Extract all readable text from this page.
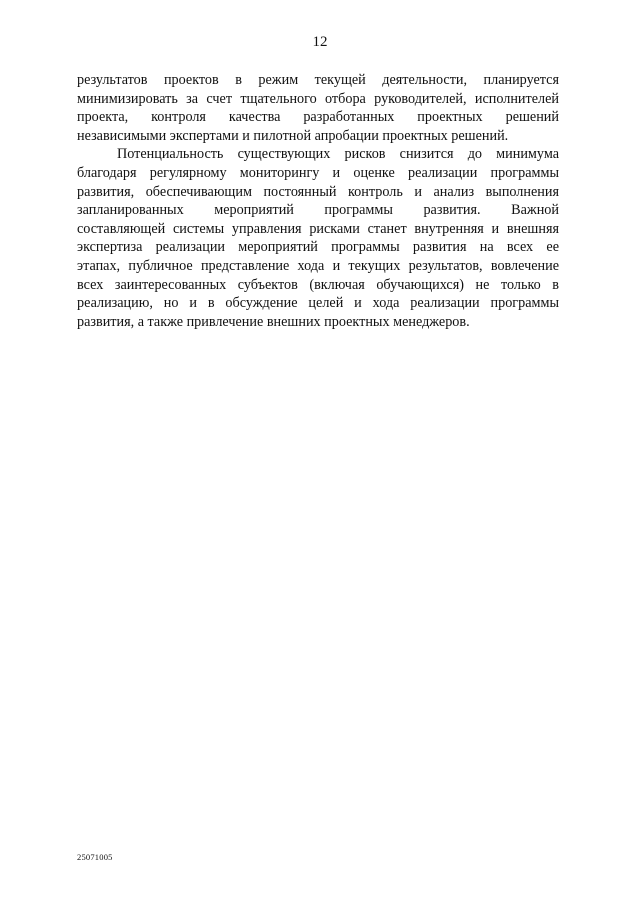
12
результатов проектов в режим текущей деятельности, планируется
минимизировать за счет тщательного отбора руководителей, исполнителей
проекта, контроля качества разработанных проектных решений
независимыми экспертами и пилотной апробации проектных решений.
Потенциальность существующих рисков снизится до минимума
благодаря регулярному мониторингу и оценке реализации программы
развития, обеспечивающим постоянный контроль и анализ выполнения
запланированных мероприятий программы развития. Важной
составляющей системы управления рисками станет внутренняя и внешняя
экспертиза реализации мероприятий программы развития на всех ее
этапах, публичное представление хода и текущих результатов, вовлечение
всех заинтересованных субъектов (включая обучающихся) не только в
реализацию, но и в обсуждение целей и хода реализации программы
развития, а также привлечение внешних проектных менеджеров.
25071005
